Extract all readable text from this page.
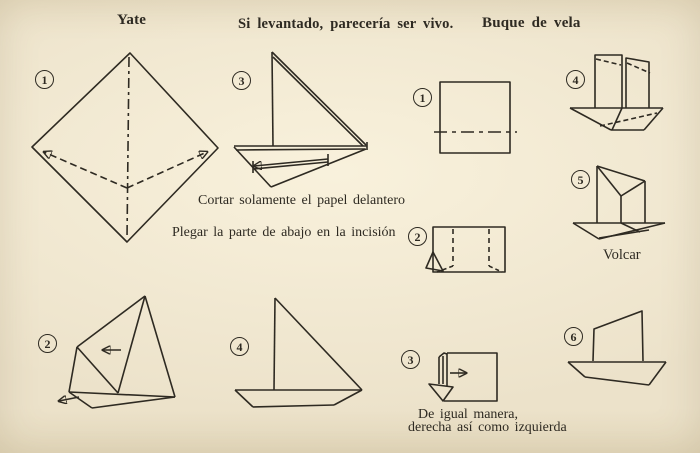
Yate	Si levantado, parecería ser vivo. Buque de vela
Cortar solamente el papel delantero
Plegar la parte de abajo en la incisión
Volcar
De igual manera,
derecha así como izquierda
1	3
2	4
1
2
3
4
5
6
